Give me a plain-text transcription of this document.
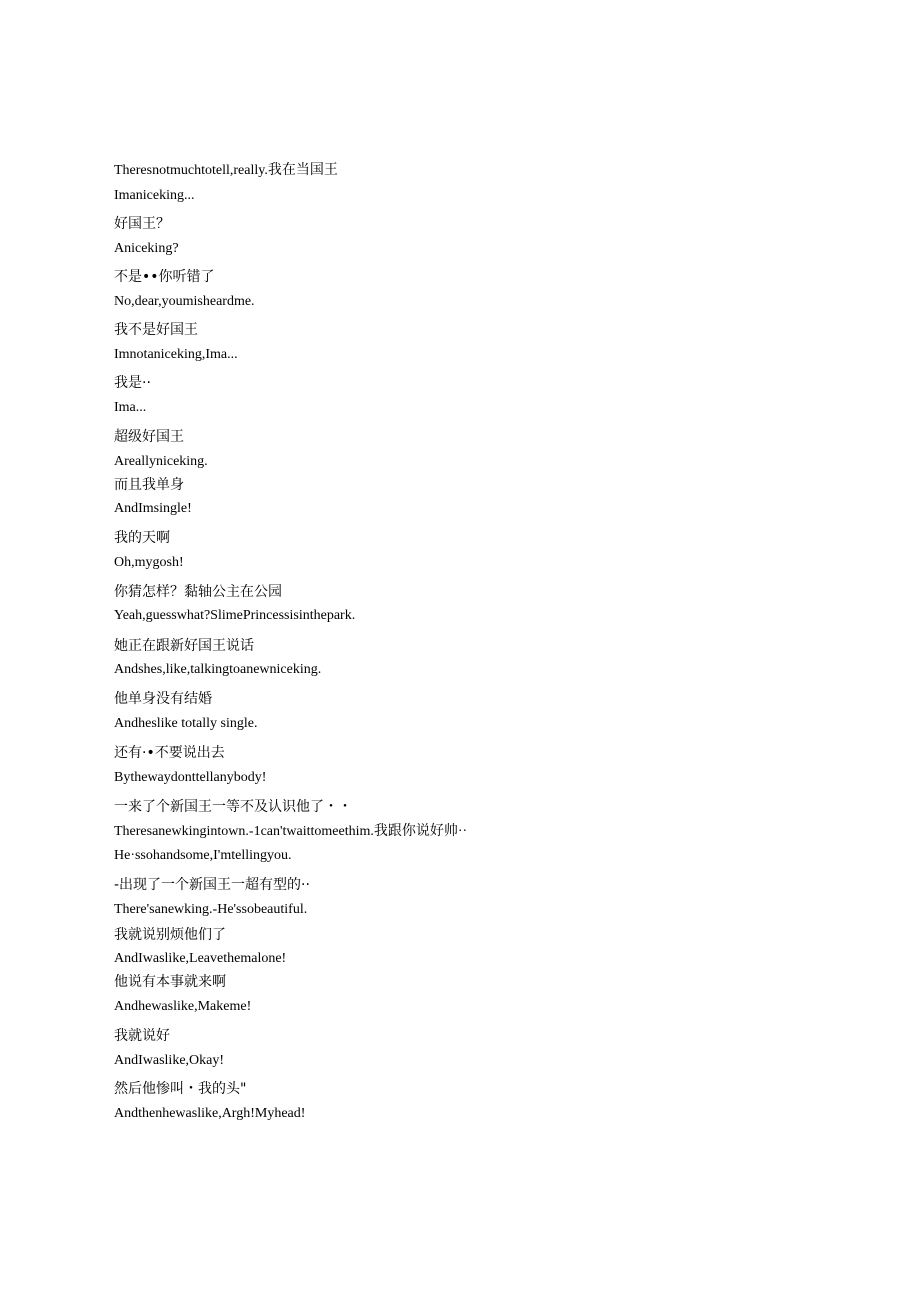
Theresnotmuchtotell,really.我在当国王
Imaniceking...
好国王？
Aniceking?
不是••你听错了
No,dear,youmisheardme.
我不是好国王
Imnotaniceking,Ima...
我是··
Ima...
超级好国王
Areallyniceking.
而且我单身
AndImsingle!
我的天啊
Oh,mygosh!
你猜怎样？黏轴公主在公园
Yeah,guesswhat?SlimePrincessisinthepark.
她正在跟新好国王说话
Andshes,like,talkingtoanewniceking.
他单身没有结婚
Andheslike totally single.
还有·•不要说出去
Bythewaydonttellanybody!
一来了个新国王一等不及认识他了・・
Theresanewkingintown.-1can'twaittomeethim.我跟你说好帅··
He·ssohandsome,I'mtellingyou.
-出现了一个新国王一超有型的··
There'sanewking.-He'ssobeautiful.
我就说别烦他们了
AndIwaslike,Leavethemalone!
他说有本事就来啊
Andhewaslike,Makeme!
我就说好
AndIwaslike,Okay!
然后他惨叫・我的头"
Andthenhewaslike,Argh!Myhead!
